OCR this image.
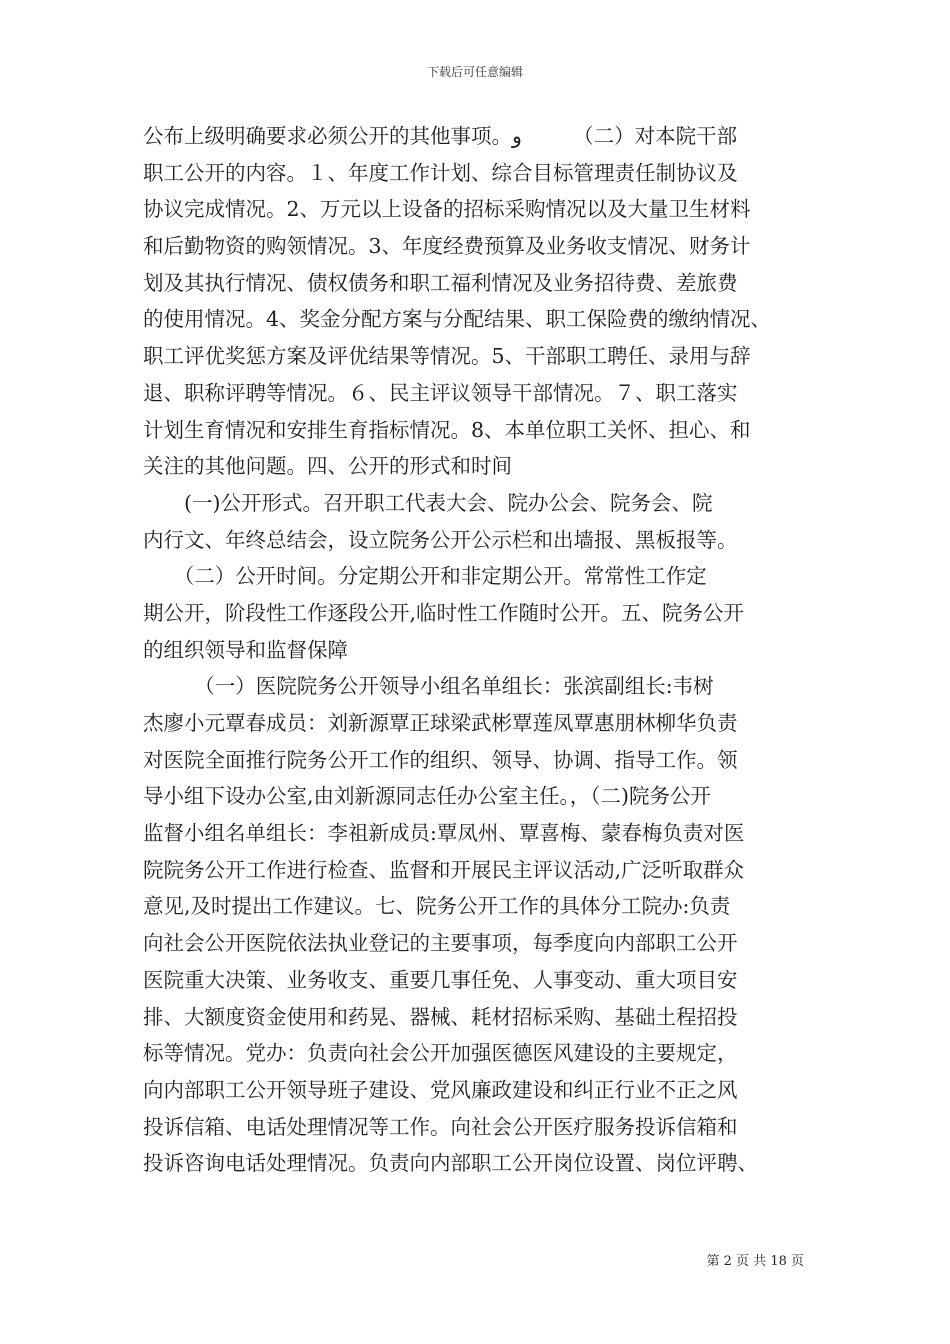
下载后可任意编辑
公布上级明确要求必须公开的其他事项。و　　　（二）对本院干部
职工公开的内容。１、年度工作计划、综合目标管理责任制协议及
协议完成情况。2、万元以上设备的招标采购情况以及大量卫生材料
和后勤物资的购领情况。3、年度经费预算及业务收支情况、财务计
划及其执行情况、债权债务和职工福利情况及业务招待费、差旅费
的使用情况。4、奖金分配方案与分配结果、职工保险费的缴纳情况、
职工评优奖惩方案及评优结果等情况。5、干部职工聘任、录用与辞
退、职称评聘等情况。６、民主评议领导干部情况。７、职工落实
计划生育情况和安排生育指标情况。8、本单位职工关怀、担心、和
关注的其他问题。四、公开的形式和时间
　　(一)公开形式。召开职工代表大会、院办公会、院务会、院
内行文、年终总结会，设立院务公开公示栏和出墙报、黑板报等。
　　（二）公开时间。分定期公开和非定期公开。常常性工作定
期公开，阶段性工作逐段公开,临时性工作随时公开。五、院务公开
的组织领导和监督保障
　　　（一）医院院务公开领导小组名单组长：张滨副组长:韦树
杰廖小元覃春成员：刘新源覃正球梁武彬覃莲凤覃惠朋林柳华负责
对医院全面推行院务公开工作的组织、领导、协调、指导工作。领
导小组下设办公室,由刘新源同志任办公室主任。，（二)院务公开
监督小组名单组长：李祖新成员:覃凤州、覃喜梅、蒙春梅负责对医
院院务公开工作进行检查、监督和开展民主评议活动,广泛听取群众
意见,及时提出工作建议。七、院务公开工作的具体分工院办:负责
向社会公开医院依法执业登记的主要事项，每季度向内部职工公开
医院重大决策、业务收支、重要几事任免、人事变动、重大项目安
排、大额度资金使用和药晃、器械、耗材招标采购、基础土程招投
标等情况。党办：负责向社会公开加强医德医风建设的主要规定，
向内部职工公开领导班子建设、党风廉政建设和纠正行业不正之风
投诉信箱、电话处理情况等工作。向社会公开医疗服务投诉信箱和
投诉咨询电话处理情况。负责向内部职工公开岗位设置、岗位评聘、
第 2 页 共 18 页
